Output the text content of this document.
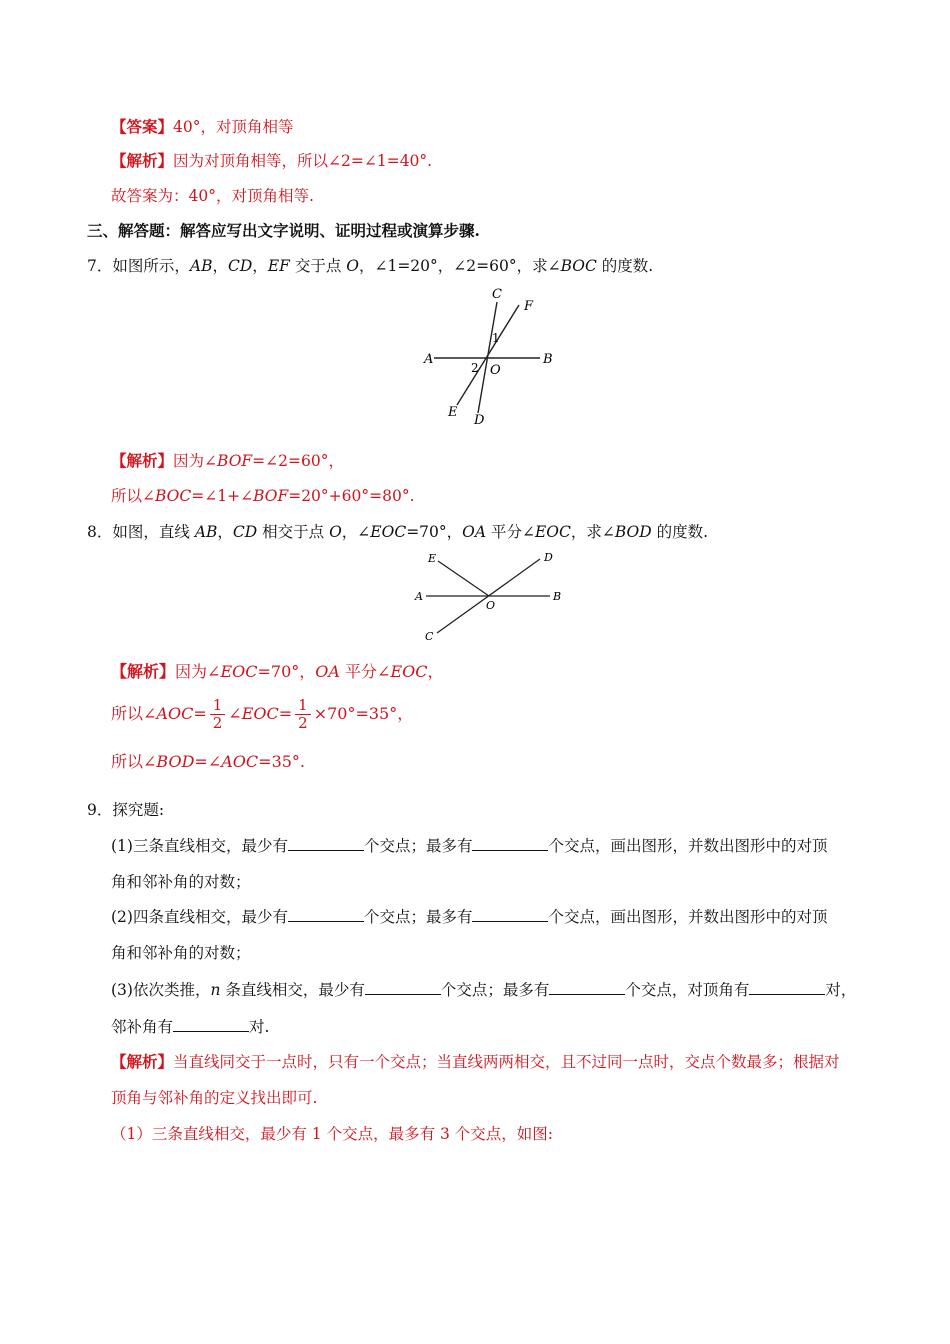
【答案】40°，对顶角相等
【解析】因为对顶角相等，所以∠2=∠1=40°.
故答案为：40°，对顶角相等.
三、解答题：解答应写出文字说明、证明过程或演算步骤.
7．如图所示，AB，CD，EF 交于点 O，∠1=20°，∠2=60°，求∠BOC 的度数.
C
F
A	B
O
1
2
E
D
【解析】因为∠BOF=∠2=60°，
所以∠BOC=∠1+∠BOF=20°+60°=80°.
8．如图，直线 AB，CD 相交于点 O，∠EOC=70°，OA 平分∠EOC，求∠BOD 的度数.
E	D
A	B
O
C
【解析】因为∠EOC=70°，OA 平分∠EOC，
所以∠AOC= $\frac{1}{2}$ ∠EOC= $\frac{1}{2} \times 70^\circ=35^\circ$，
所以∠BOD=∠AOC=35°.
9．探究题:
(1)三条直线相交，最少有	个交点；最多有	个交点，画出图形，并数出图形中的对顶
角和邻补角的对数；
(2)四条直线相交，最少有	个交点；最多有	个交点，画出图形，并数出图形中的对顶
角和邻补角的对数；
(3)依次类推，n 条直线相交，最少有	个交点；最多有	个交点，对顶角有	对，
邻补角有	对.
【解析】当直线同交于一点时，只有一个交点；当直线两两相交，且不过同一点时，交点个数最多；根据对
顶角与邻补角的定义找出即可.
（1）三条直线相交，最少有 1 个交点，最多有 3 个交点，如图:
